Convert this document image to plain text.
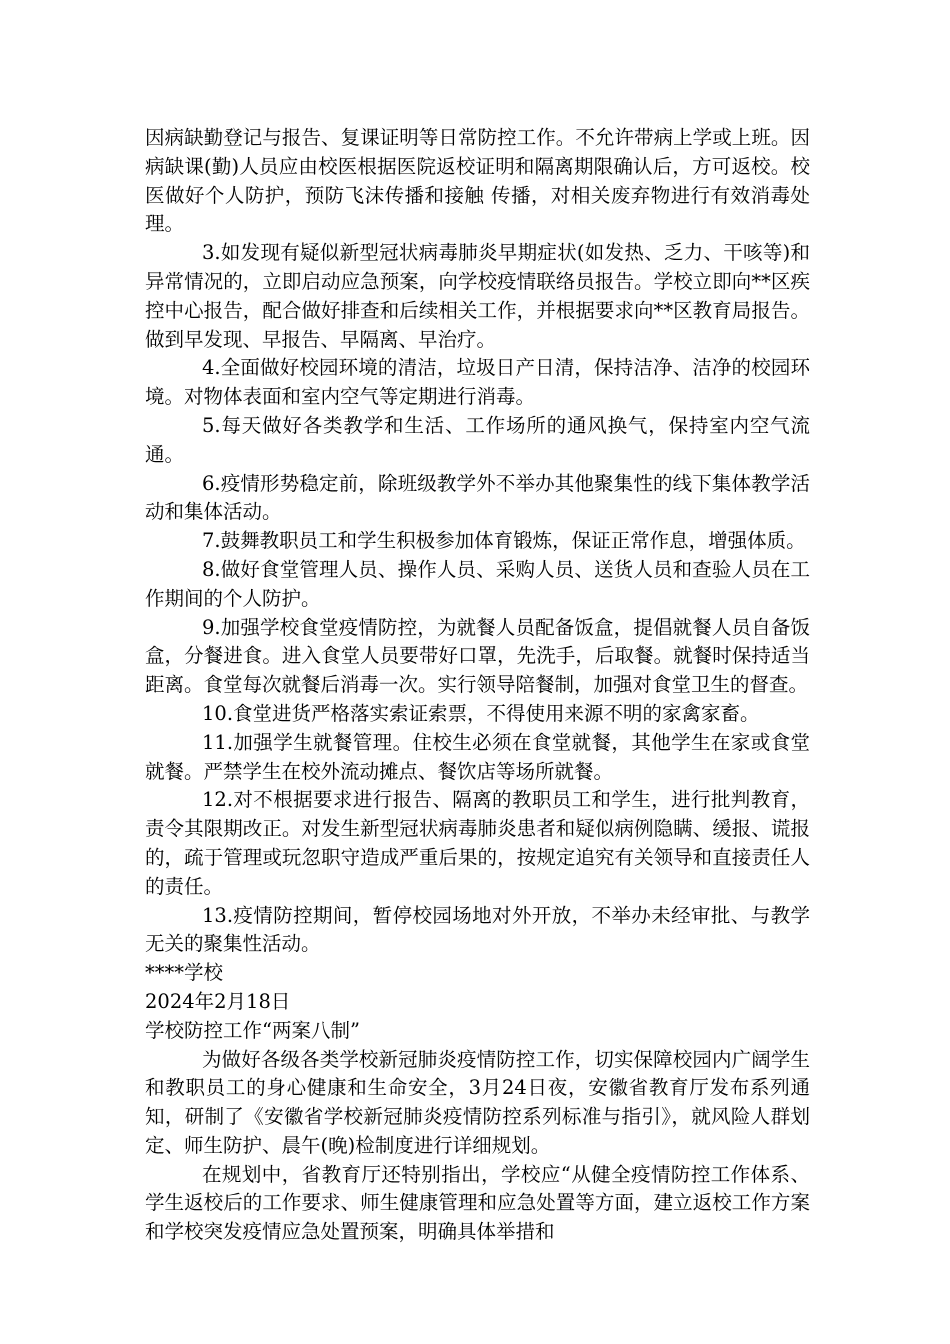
因病缺勤登记与报告、复课证明等日常防控工作。不允许带病上学或上班。因病缺课(勤)人员应由校医根据医院返校证明和隔离期限确认后，方可返校。校医做好个人防护，预防飞沫传播和接触 传播，对相关废弃物进行有效消毒处理。

3.如发现有疑似新型冠状病毒肺炎早期症状(如发热、乏力、干咳等)和异常情况的，立即启动应急预案，向学校疫情联络员报告。学校立即向**区疾控中心报告，配合做好排查和后续相关工作，并根据要求向**区教育局报告。做到早发现、早报告、早隔离、早治疗。

4.全面做好校园环境的清洁，垃圾日产日清，保持洁净、洁净的校园环境。对物体表面和室内空气等定期进行消毒。

5.每天做好各类教学和生活、工作场所的通风换气，保持室内空气流通。

6.疫情形势稳定前，除班级教学外不举办其他聚集性的线下集体教学活动和集体活动。

7.鼓舞教职员工和学生积极参加体育锻炼，保证正常作息，增强体质。

8.做好食堂管理人员、操作人员、采购人员、送货人员和查验人员在工作期间的个人防护。

9.加强学校食堂疫情防控，为就餐人员配备饭盒，提倡就餐人员自备饭盒，分餐进食。进入食堂人员要带好口罩，先洗手，后取餐。就餐时保持适当距离。食堂每次就餐后消毒一次。实行领导陪餐制，加强对食堂卫生的督查。

10.食堂进货严格落实索证索票，不得使用来源不明的家禽家畜。

11.加强学生就餐管理。住校生必须在食堂就餐，其他学生在家或食堂就餐。严禁学生在校外流动摊点、餐饮店等场所就餐。

12.对不根据要求进行报告、隔离的教职员工和学生，进行批判教育，责令其限期改正。对发生新型冠状病毒肺炎患者和疑似病例隐瞒、缓报、谎报的，疏于管理或玩忽职守造成严重后果的，按规定追究有关领导和直接责任人的责任。

13.疫情防控期间，暂停校园场地对外开放，不举办未经审批、与教学无关的聚集性活动。

****学校

2024年2月18日

学校防控工作“两案八制”

为做好各级各类学校新冠肺炎疫情防控工作，切实保障校园内广阔学生和教职员工的身心健康和生命安全，3月24日夜，安徽省教育厅发布系列通知，研制了《安徽省学校新冠肺炎疫情防控系列标准与指引》，就风险人群划定、师生防护、晨午(晚)检制度进行详细规划。

在规划中，省教育厅还特别指出，学校应“从健全疫情防控工作体系、学生返校后的工作要求、师生健康管理和应急处置等方面，建立返校工作方案和学校突发疫情应急处置预案，明确具体举措和
